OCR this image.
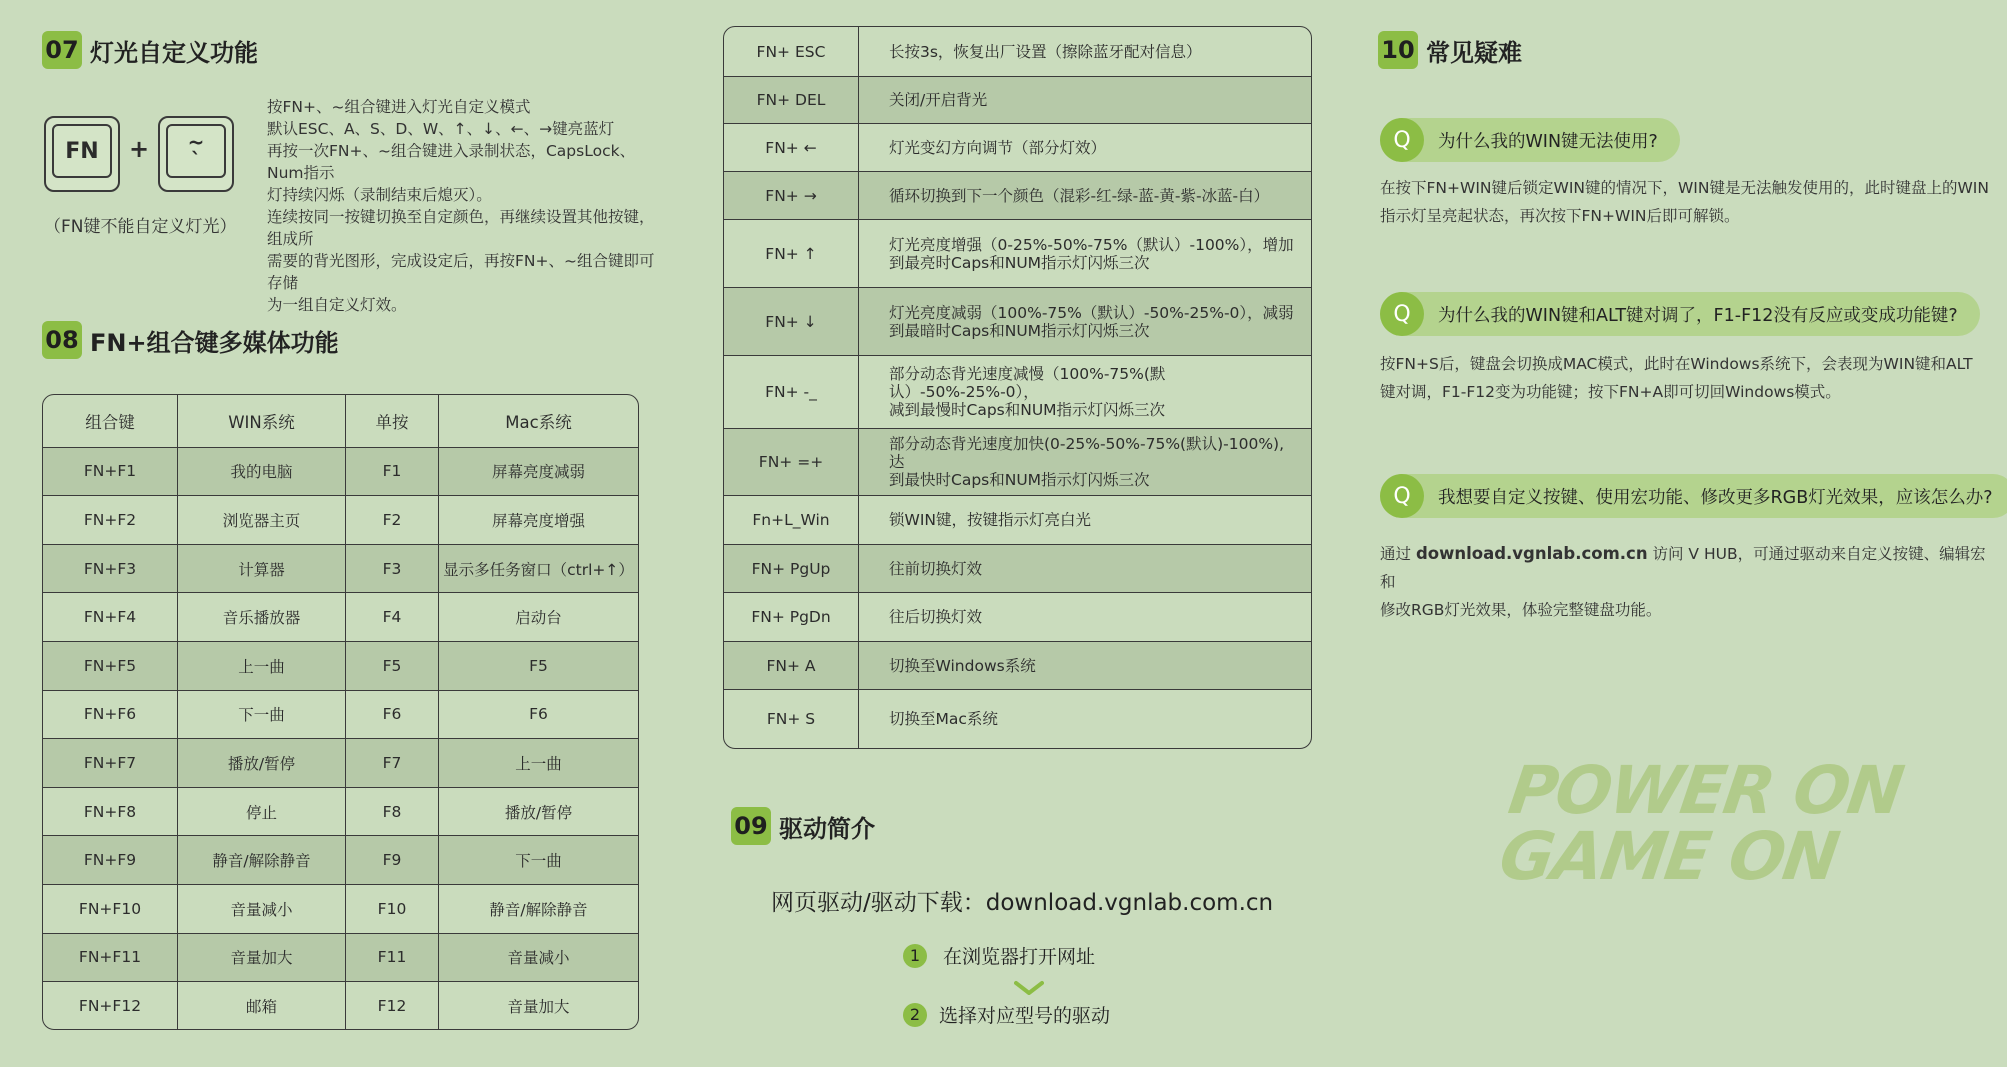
07 灯光自定义功能
FN	+ ~
`
（FN键不能自定义灯光）
按FN+、~组合键进入灯光自定义模式
默认ESC、A、S、D、W、↑、↓、←、→键亮蓝灯
再按一次FN+、~组合键进入录制状态，CapsLock、Num指示
灯持续闪烁（录制结束后熄灭）。
连续按同一按键切换至自定颜色，再继续设置其他按键，组成所
需要的背光图形，完成设定后，再按FN+、~组合键即可存储
为一组自定义灯效。
08 FN+组合键多媒体功能
组合键	WIN系统	单按	Mac系统
FN+F1	我的电脑	F1	屏幕亮度减弱
FN+F2	浏览器主页	F2	屏幕亮度增强
FN+F3	计算器	F3	显示多任务窗口（ctrl+↑）
FN+F4	音乐播放器	F4	启动台
FN+F5	上一曲	F5	F5
FN+F6	下一曲	F6	F6
FN+F7	播放/暂停	F7	上一曲
FN+F8	停止	F8	播放/暂停
FN+F9	静音/解除静音	F9	下一曲
FN+F10	音量减小	F10	静音/解除静音
FN+F11	音量加大	F11	音量减小
FN+F12	邮箱	F12	音量加大
FN+ ESC	长按3s，恢复出厂设置（擦除蓝牙配对信息）
FN+ DEL	关闭/开启背光
FN+ ←	灯光变幻方向调节（部分灯效）
FN+ →	循环切换到下一个颜色（混彩-红-绿-蓝-黄-紫-冰蓝-白）
FN+ ↑	灯光亮度增强（0-25%-50%-75%（默认）-100%），增加
到最亮时Caps和NUM指示灯闪烁三次
FN+ ↓	灯光亮度减弱（100%-75%（默认）-50%-25%-0），减弱
到最暗时Caps和NUM指示灯闪烁三次
FN+ -_	部分动态背光速度减慢（100%-75%(默认）-50%-25%-0），
减到最慢时Caps和NUM指示灯闪烁三次
FN+ =+	部分动态背光速度加快(0-25%-50%-75%(默认)-100%),达
到最快时Caps和NUM指示灯闪烁三次
Fn+L_Win	锁WIN键，按键指示灯亮白光
FN+ PgUp	往前切换灯效
FN+ PgDn	往后切换灯效
FN+ A	切换至Windows系统
FN+ S	切换至Mac系统
09 驱动简介
网页驱动/驱动下载：download.vgnlab.com.cn
1	在浏览器打开网址
2 选择对应型号的驱动
10 常见疑难
Q	为什么我的WIN键无法使用?
在按下FN+WIN键后锁定WIN键的情况下，WIN键是无法触发使用的，此时键盘上的WIN
指示灯呈亮起状态，再次按下FN+WIN后即可解锁。
Q	为什么我的WIN键和ALT键对调了，F1-F12没有反应或变成功能键?
按FN+S后，键盘会切换成MAC模式，此时在Windows系统下，会表现为WIN键和ALT
键对调，F1-F12变为功能键；按下FN+A即可切回Windows模式。
Q	我想要自定义按键、使用宏功能、修改更多RGB灯光效果，应该怎么办?
通过 download.vgnlab.com.cn 访问 V HUB，可通过驱动来自定义按键、编辑宏和
修改RGB灯光效果，体验完整键盘功能。
POWER ON
GAME ON
